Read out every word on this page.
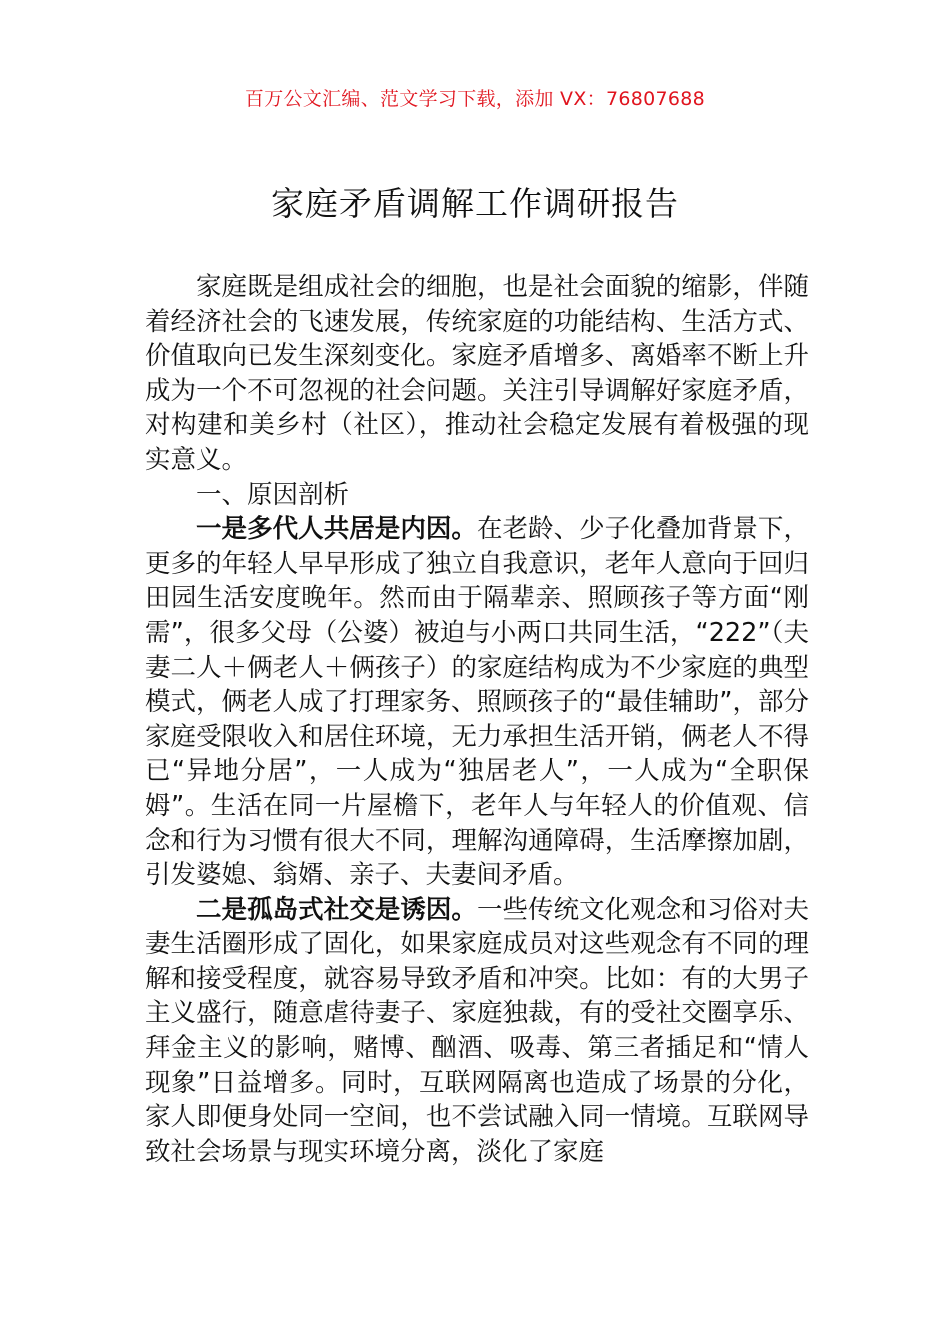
百万公文汇编、范文学习下载，添加 VX：76807688
家庭矛盾调解工作调研报告

家庭既是组成社会的细胞，也是社会面貌的缩影，伴随着经济社会的飞速发展，传统家庭的功能结构、生活方式、价值取向已发生深刻变化。家庭矛盾增多、离婚率不断上升成为一个不可忽视的社会问题。关注引导调解好家庭矛盾，对构建和美乡村（社区），推动社会稳定发展有着极强的现实意义。

一、原因剖析

一是多代人共居是内因。在老龄、少子化叠加背景下，更多的年轻人早早形成了独立自我意识，老年人意向于回归田园生活安度晚年。然而由于隔辈亲、照顾孩子等方面“刚需”，很多父母（公婆）被迫与小两口共同生活，“222”（夫妻二人＋俩老人＋俩孩子）的家庭结构成为不少家庭的典型模式，俩老人成了打理家务、照顾孩子的“最佳辅助”，部分家庭受限收入和居住环境，无力承担生活开销，俩老人不得已“异地分居”，一人成为“独居老人”，一人成为“全职保姆”。生活在同一片屋檐下，老年人与年轻人的价值观、信念和行为习惯有很大不同，理解沟通障碍，生活摩擦加剧，引发婆媳、翁婿、亲子、夫妻间矛盾。

二是孤岛式社交是诱因。一些传统文化观念和习俗对夫妻生活圈形成了固化，如果家庭成员对这些观念有不同的理解和接受程度，就容易导致矛盾和冲突。比如：有的大男子主义盛行，随意虐待妻子、家庭独裁，有的受社交圈享乐、拜金主义的影响，赌博、酗酒、吸毒、第三者插足和“情人现象”日益增多。同时，互联网隔离也造成了场景的分化，家人即便身处同一空间，也不尝试融入同一情境。互联网导致社会场景与现实环境分离，淡化了家庭
